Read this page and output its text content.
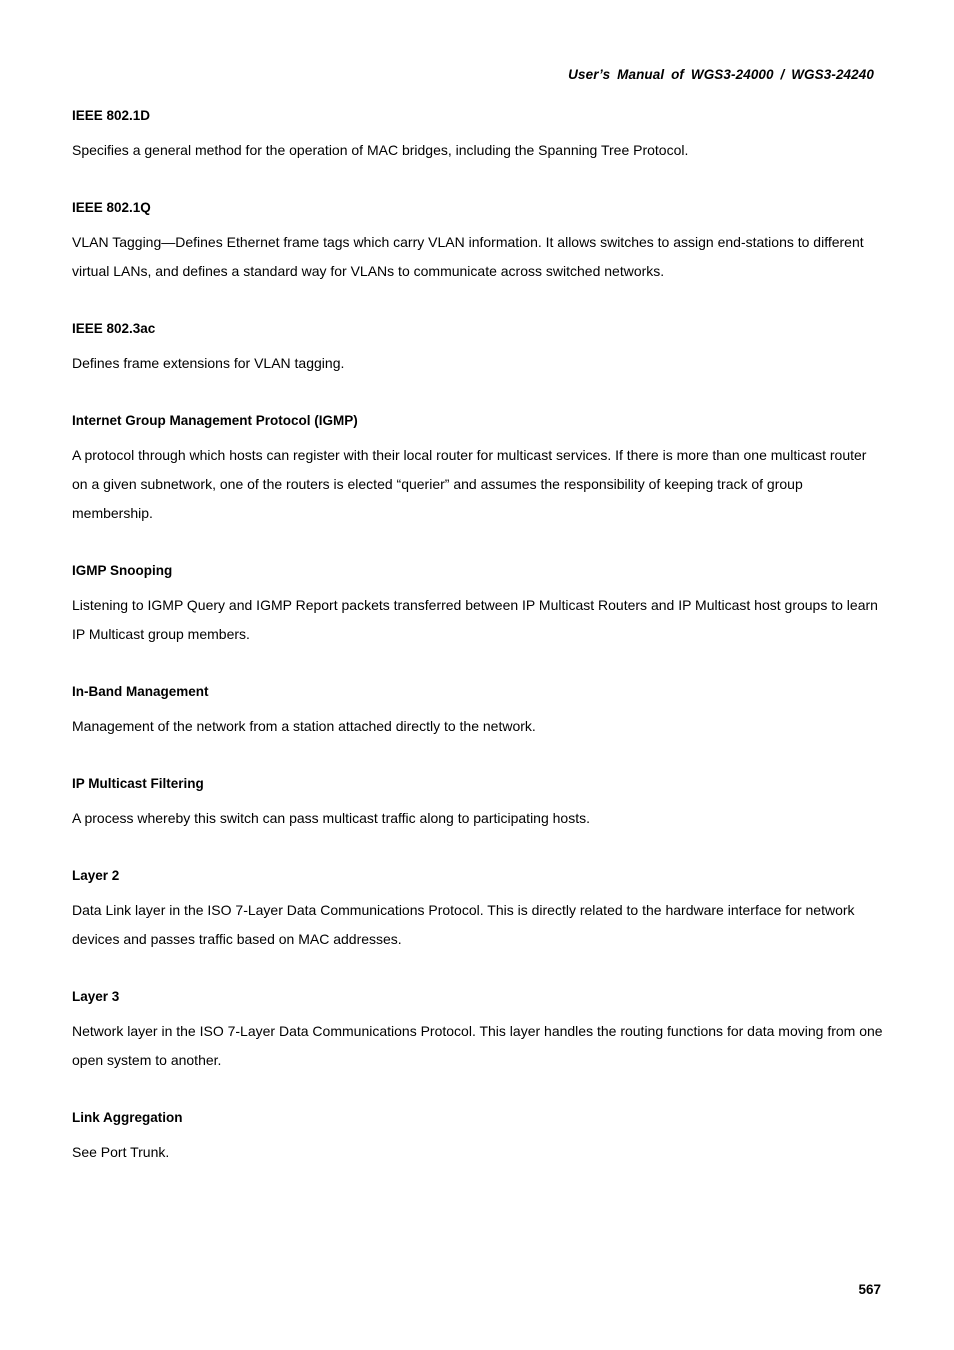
User’s Manual of WGS3-24000 / WGS3-24240
IEEE 802.1D

Specifies a general method for the operation of MAC bridges, including the Spanning Tree Protocol.

IEEE 802.1Q

VLAN Tagging—Defines Ethernet frame tags which carry VLAN information. It allows switches to assign end-stations to different virtual LANs, and defines a standard way for VLANs to communicate across switched networks.

IEEE 802.3ac

Defines frame extensions for VLAN tagging.

Internet Group Management Protocol (IGMP)

A protocol through which hosts can register with their local router for multicast services. If there is more than one multicast router on a given subnetwork, one of the routers is elected “querier” and assumes the responsibility of keeping track of group membership.

IGMP Snooping

Listening to IGMP Query and IGMP Report packets transferred between IP Multicast Routers and IP Multicast host groups to learn IP Multicast group members.

In-Band Management

Management of the network from a station attached directly to the network.

IP Multicast Filtering

A process whereby this switch can pass multicast traffic along to participating hosts.

Layer 2

Data Link layer in the ISO 7-Layer Data Communications Protocol. This is directly related to the hardware interface for network devices and passes traffic based on MAC addresses.

Layer 3

Network layer in the ISO 7-Layer Data Communications Protocol. This layer handles the routing functions for data moving from one open system to another.

Link Aggregation

See Port Trunk.

567
